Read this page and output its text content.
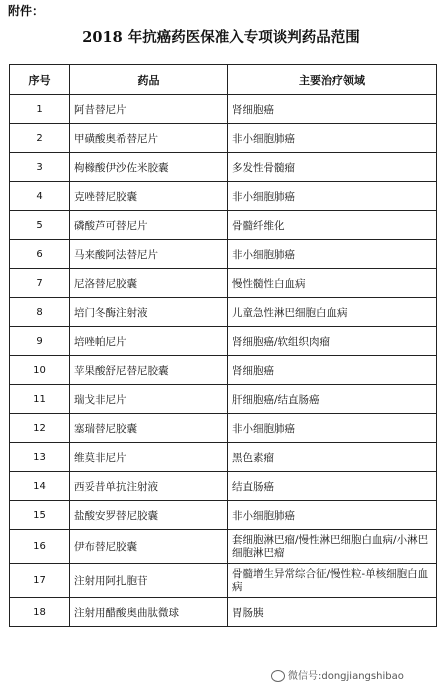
附件：
2018 年抗癌药医保准入专项谈判药品范围
序号	药品	主要治疗领域
1	阿昔替尼片	肾细胞癌
2	甲磺酸奥希替尼片	非小细胞肺癌
3	枸橼酸伊沙佐米胶囊	多发性骨髓瘤
4	克唑替尼胶囊	非小细胞肺癌
5	磷酸芦可替尼片	骨髓纤维化
6	马来酸阿法替尼片	非小细胞肺癌
7	尼洛替尼胶囊	慢性髓性白血病
8	培门冬酶注射液	儿童急性淋巴细胞白血病
9	培唑帕尼片	肾细胞癌/软组织肉瘤
10	苹果酸舒尼替尼胶囊	肾细胞癌
11	瑞戈非尼片	肝细胞癌/结直肠癌
12	塞瑞替尼胶囊	非小细胞肺癌
13	维莫非尼片	黑色素瘤
14	西妥昔单抗注射液	结直肠癌
15	盐酸安罗替尼胶囊	非小细胞肺癌
16	伊布替尼胶囊	套细胞淋巴瘤/慢性淋巴细胞白血病/小淋巴细胞淋巴瘤
17	注射用阿扎胞苷	骨髓增生异常综合征/慢性粒-单核细胞白血病
18	注射用醋酸奥曲肽微球	胃肠胰
微信号:dongjiangshibao
